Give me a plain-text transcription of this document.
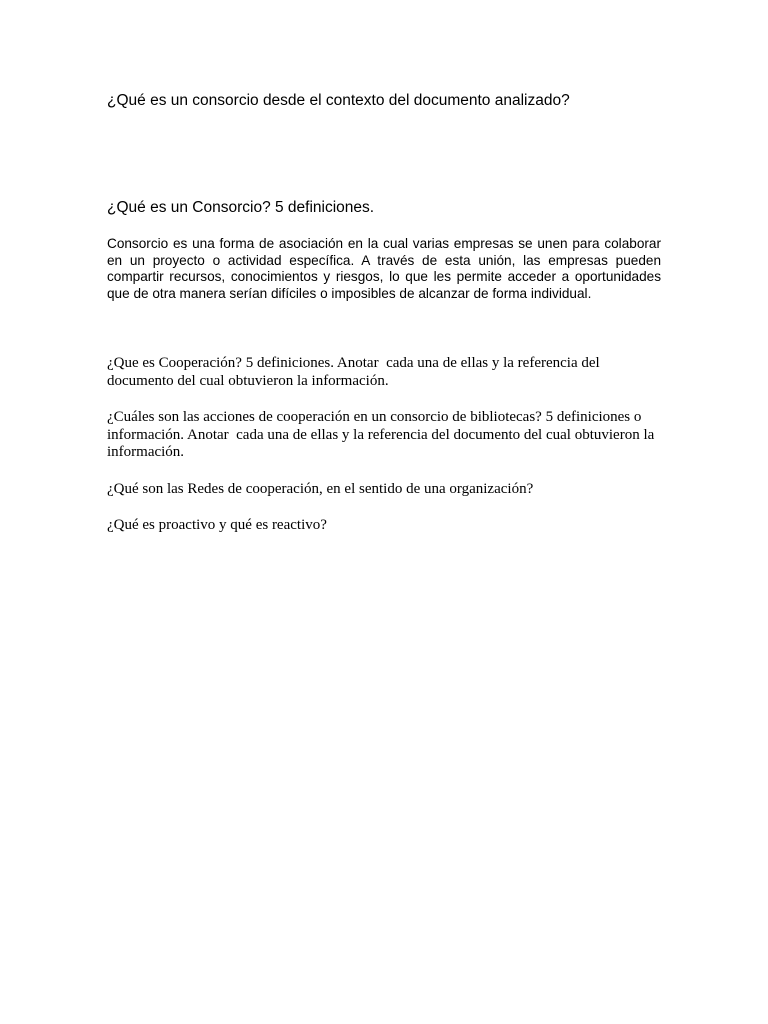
¿Qué es un consorcio desde el contexto del documento analizado?

¿Qué es un Consorcio? 5 definiciones.

Consorcio es una forma de asociación en la cual varias empresas se unen para colaborar en un proyecto o actividad específica. A través de esta unión, las empresas pueden compartir recursos, conocimientos y riesgos, lo que les permite acceder a oportunidades que de otra manera serían difíciles o imposibles de alcanzar de forma individual.

¿Que es Cooperación? 5 definiciones. Anotar  cada una de ellas y la referencia del documento del cual obtuvieron la información.

¿Cuáles son las acciones de cooperación en un consorcio de bibliotecas? 5 definiciones o información. Anotar  cada una de ellas y la referencia del documento del cual obtuvieron la información.

¿Qué son las Redes de cooperación, en el sentido de una organización?

¿Qué es proactivo y qué es reactivo?
